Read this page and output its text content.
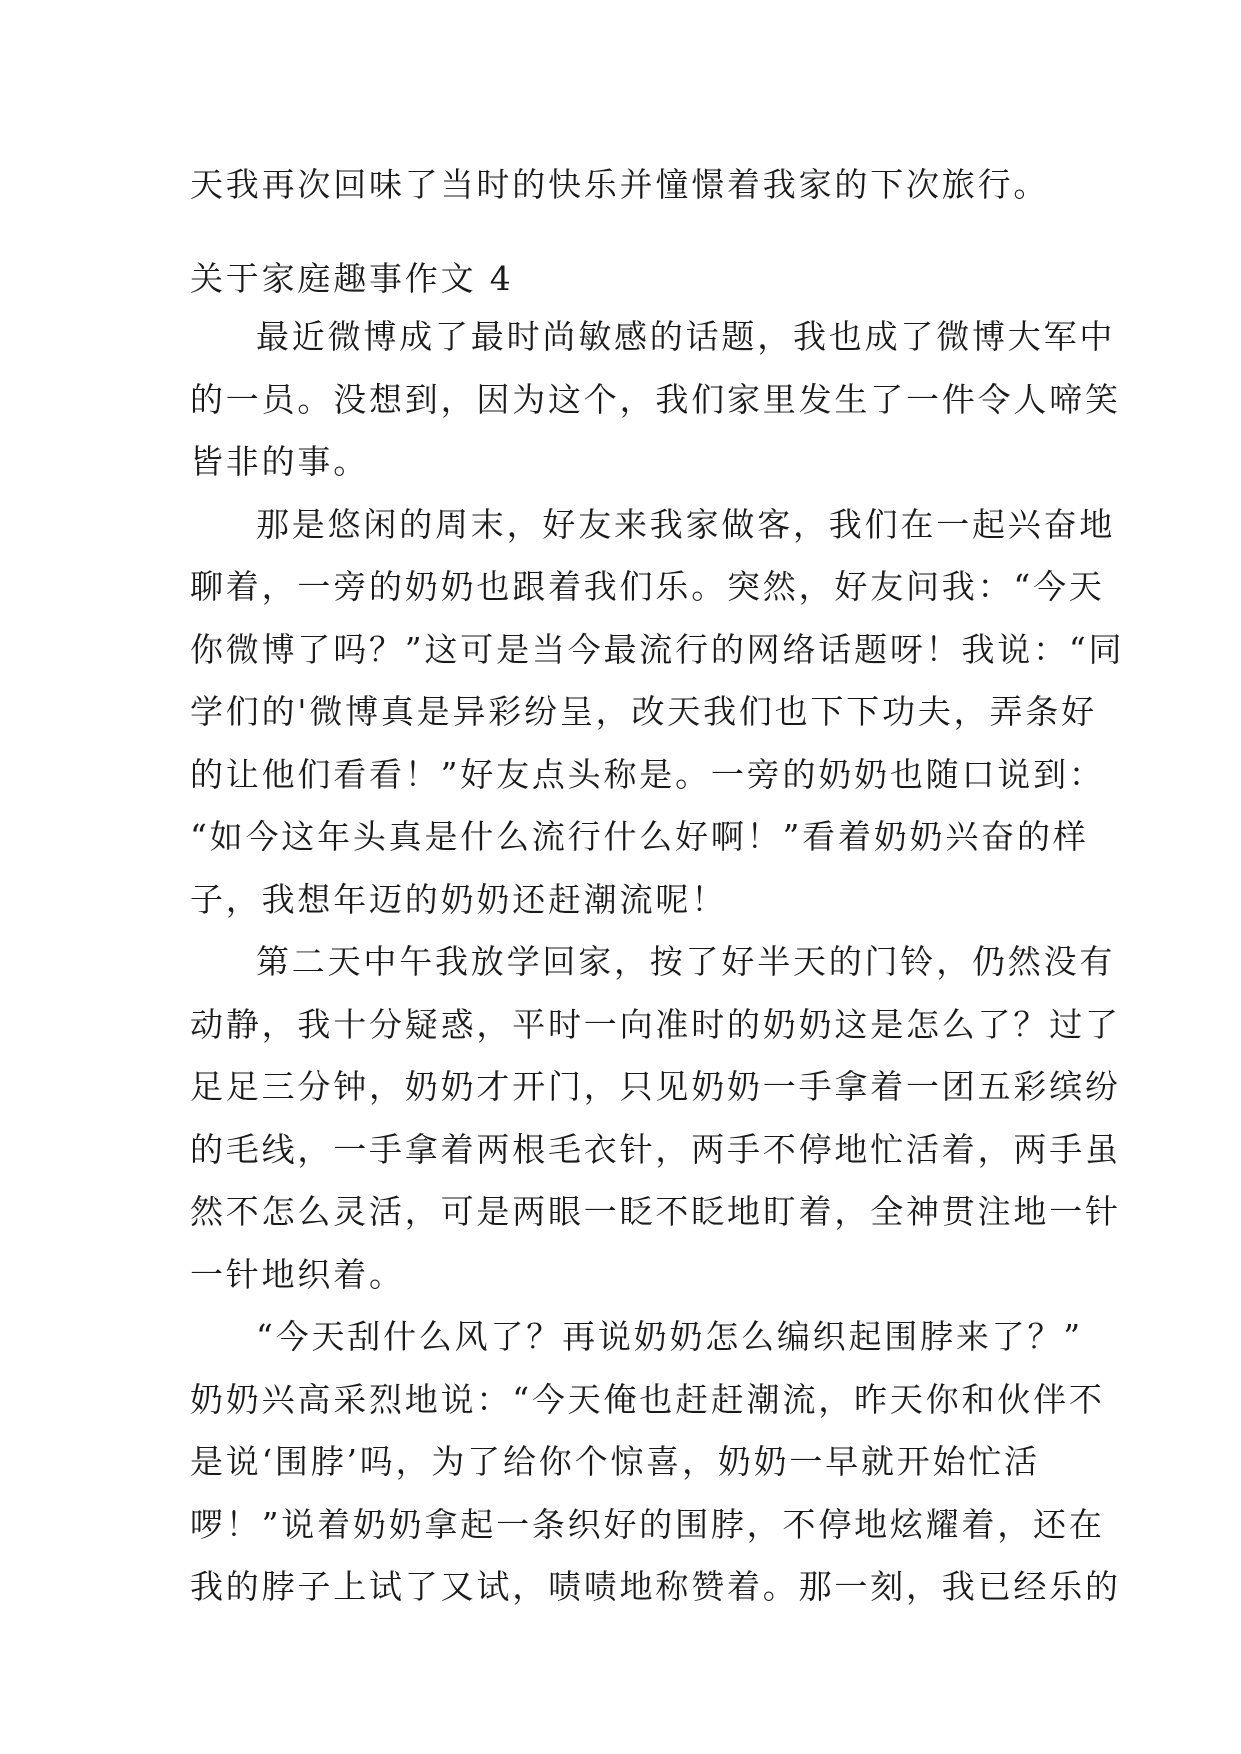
天我再次回味了当时的快乐并憧憬着我家的下次旅行。
关于家庭趣事作文 4
最近微博成了最时尚敏感的话题，我也成了微博大军中
的一员。没想到，因为这个，我们家里发生了一件令人啼笑
皆非的事。
那是悠闲的周末，好友来我家做客，我们在一起兴奋地
聊着，一旁的奶奶也跟着我们乐。突然，好友问我：“今天
你微博了吗？”这可是当今最流行的网络话题呀！我说：“同
学们的'微博真是异彩纷呈，改天我们也下下功夫，弄条好
的让他们看看！”好友点头称是。一旁的奶奶也随口说到：
“如今这年头真是什么流行什么好啊！”看着奶奶兴奋的样
子，我想年迈的奶奶还赶潮流呢！
第二天中午我放学回家，按了好半天的门铃，仍然没有
动静，我十分疑惑，平时一向准时的奶奶这是怎么了？过了
足足三分钟，奶奶才开门，只见奶奶一手拿着一团五彩缤纷
的毛线，一手拿着两根毛衣针，两手不停地忙活着，两手虽
然不怎么灵活，可是两眼一眨不眨地盯着，全神贯注地一针
一针地织着。
“今天刮什么风了？再说奶奶怎么编织起围脖来了？”
奶奶兴高采烈地说：“今天俺也赶赶潮流，昨天你和伙伴不
是说‘围脖’吗，为了给你个惊喜，奶奶一早就开始忙活
啰！”说着奶奶拿起一条织好的围脖，不停地炫耀着，还在
我的脖子上试了又试，啧啧地称赞着。那一刻，我已经乐的
